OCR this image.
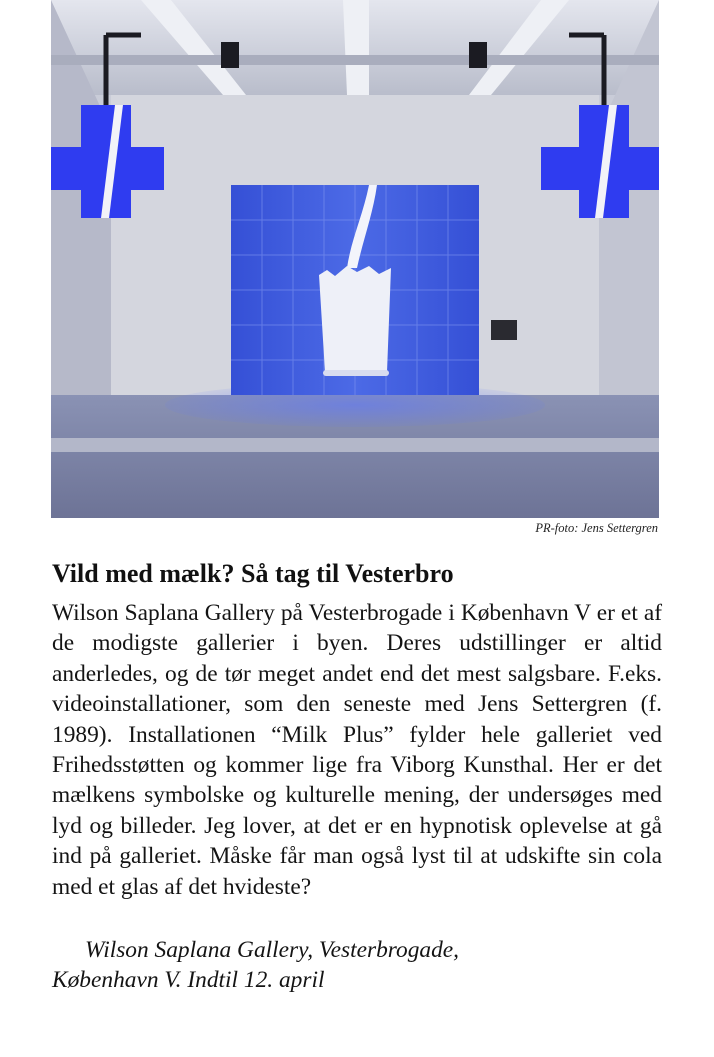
PR-foto: Jens Settergren
Vild med mælk? Så tag til Vesterbro

Wilson Saplana Gallery på Vesterbrogade i København V er et af de modigste gallerier i byen. Deres udstillinger er altid anderledes, og de tør meget andet end det mest salgsbare. F.eks. videoinstallationer, som den seneste med Jens Settergren (f. 1989). Installationen “Milk Plus” fylder hele galleriet ved Frihedsstøtten og kommer lige fra Viborg Kunsthal. Her er det mælkens symbolske og kulturelle mening, der undersøges med lyd og billeder. Jeg lover, at det er en hypnotisk oplevelse at gå ind på galleriet. Måske får man også lyst til at udskifte sin cola med et glas af det hvideste?

Wilson Saplana Gallery, Vesterbrogade,
København V. Indtil 12. april
